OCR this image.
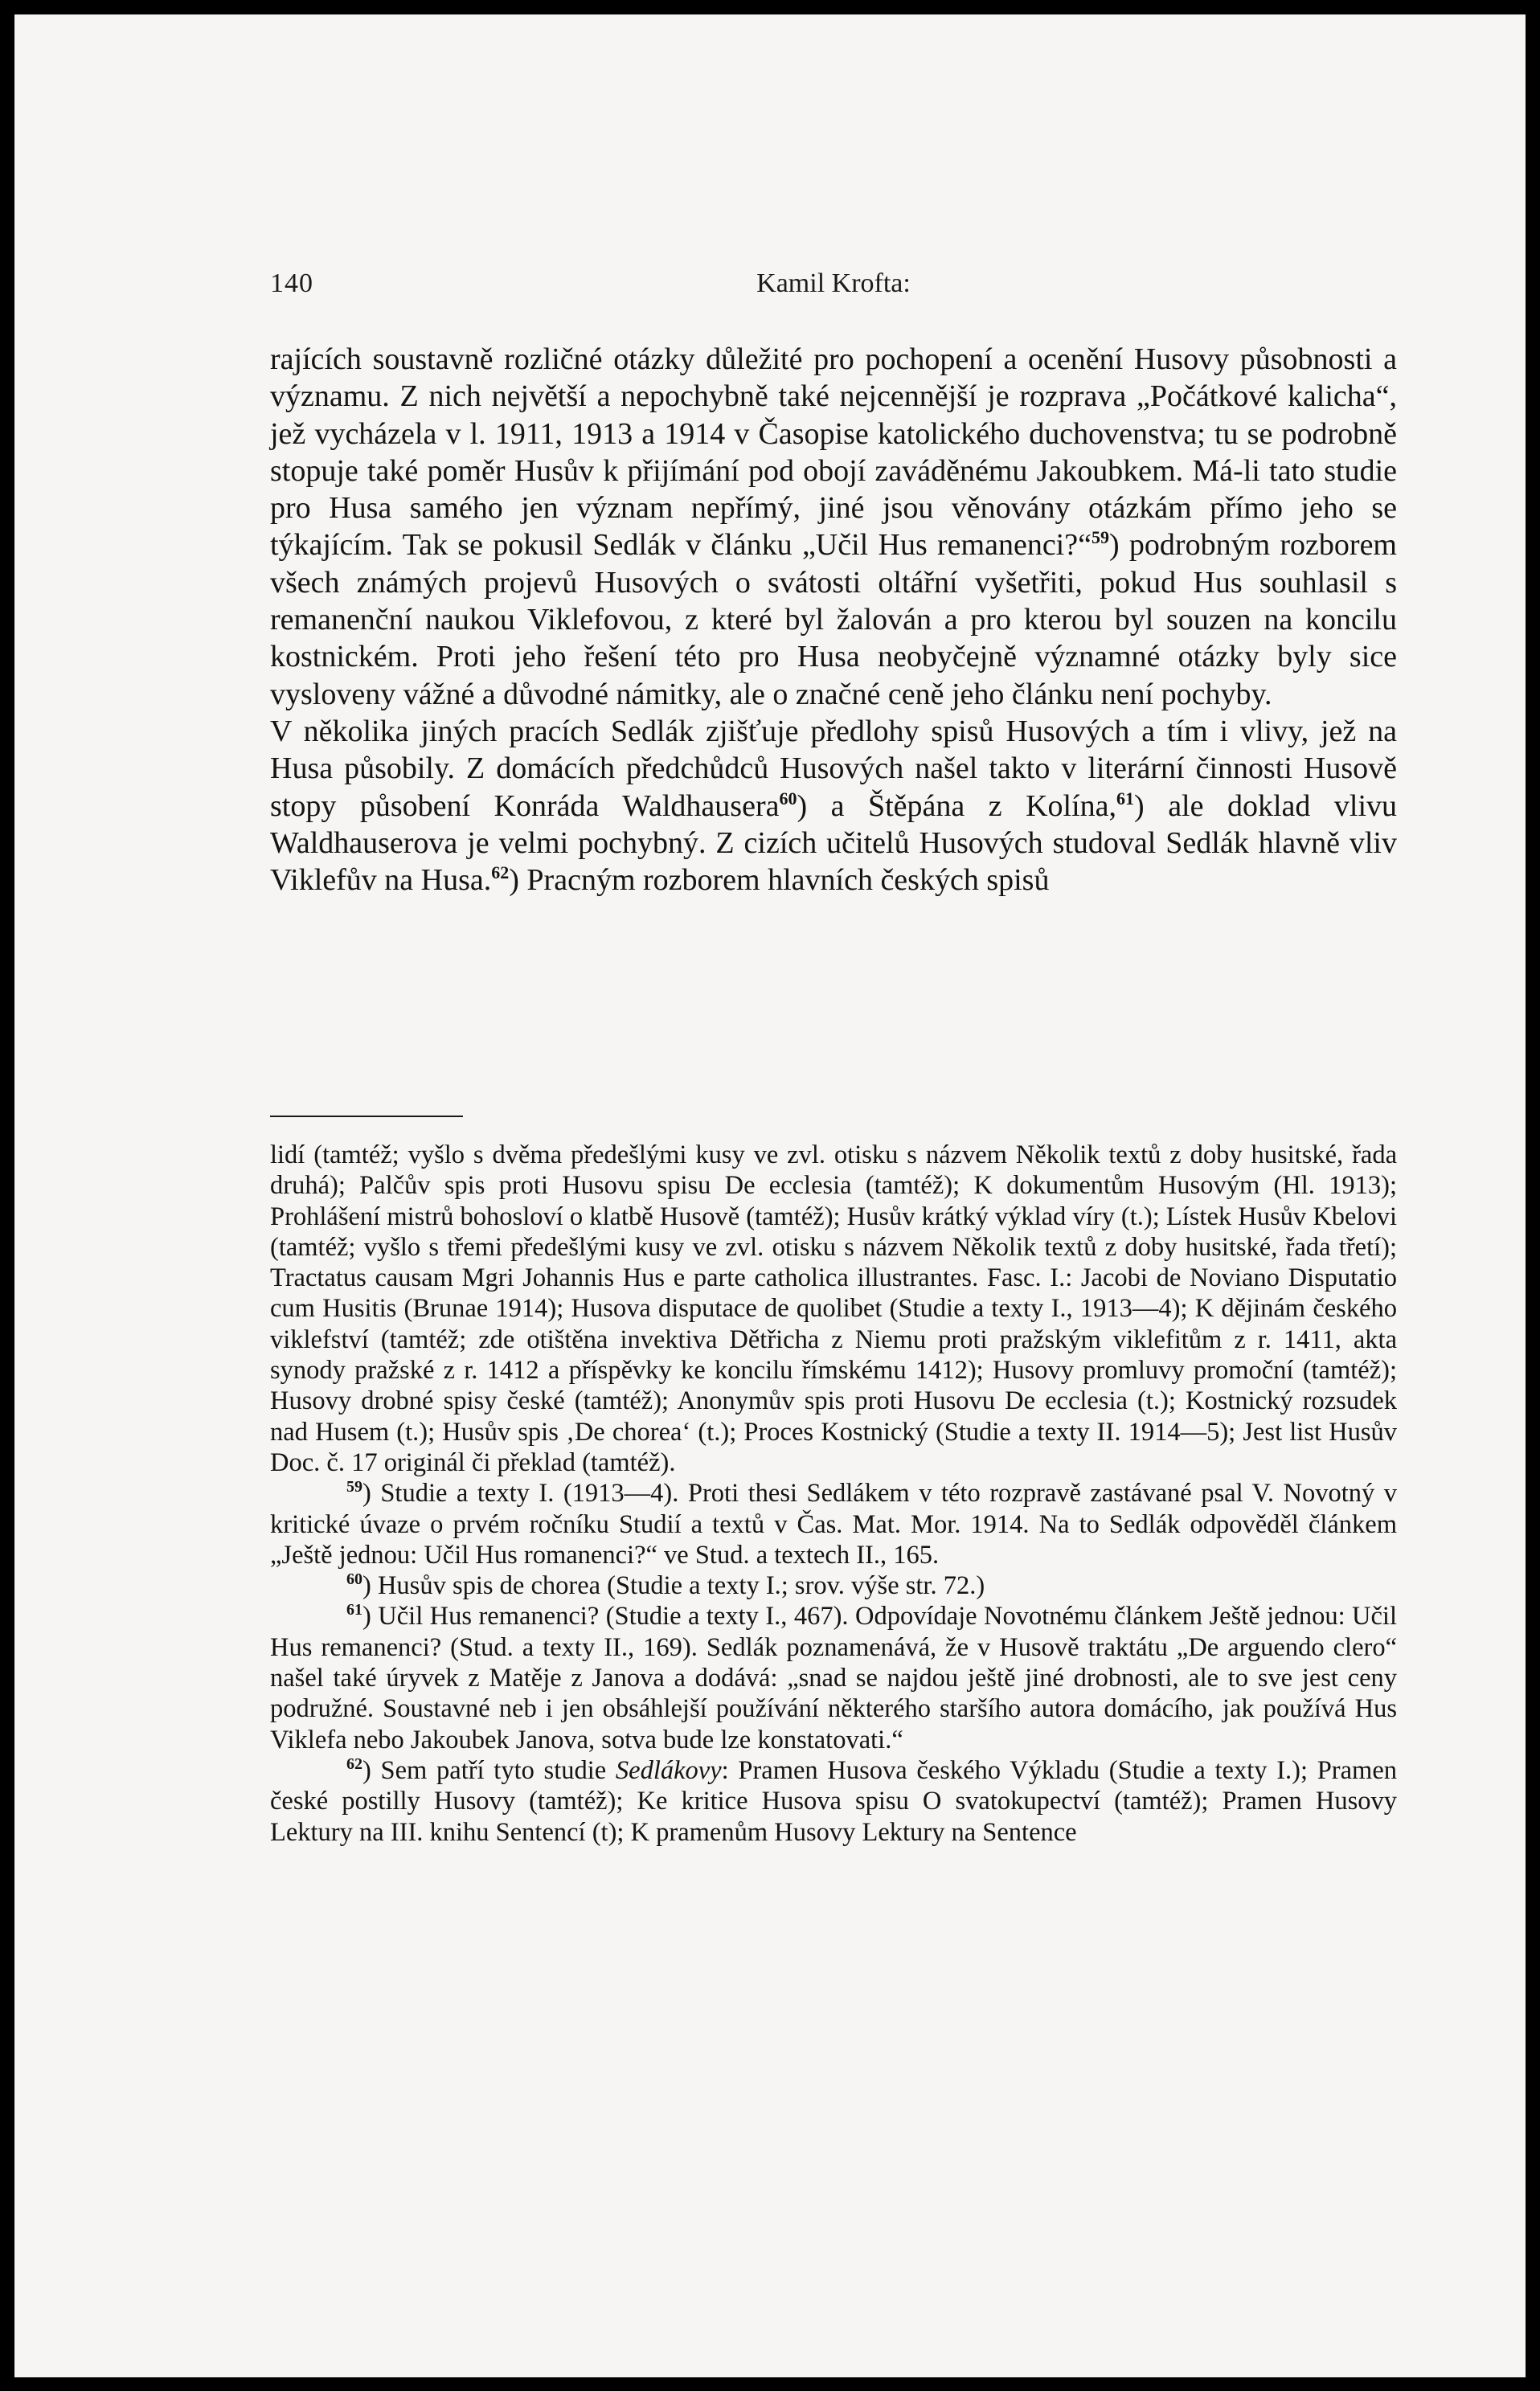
140	Kamil Krofta:

rajících soustavně rozličné otázky důležité pro pochopení a ocenění Husovy působnosti a významu. Z nich největší a nepochybně také nejcennější je rozprava „Počátkové kalicha“, jež vycházela v l. 1911, 1913 a 1914 v Časopise katolického duchovenstva; tu se podrobně stopuje také poměr Husův k přijímání pod obojí zaváděnému Jakoubkem. Má-li tato studie pro Husa samého jen význam nepřímý, jiné jsou věnovány otázkám přímo jeho se týkajícím. Tak se pokusil Sedlák v článku „Učil Hus remanenci?“$^{59}$) podrobným rozborem všech známých projevů Husových o svátosti oltářní vyšetřiti, pokud Hus souhlasil s remanenční naukou Viklefovou, z které byl žalován a pro kterou byl souzen na koncilu kostnickém. Proti jeho řešení této pro Husa neobyčejně významné otázky byly sice vysloveny vážné a důvodné námitky, ale o značné ceně jeho článku není pochyby.

V několika jiných pracích Sedlák zjišťuje předlohy spisů Husových a tím i vlivy, jež na Husa působily. Z domácích předchůdců Husových našel takto v literární činnosti Husově stopy působení Konráda Waldhausera$^{60}$) a Štěpána z Kolína,$^{61}$) ale doklad vlivu Waldhauserova je velmi pochybný. Z cizích učitelů Husových studoval Sedlák hlavně vliv Viklefův na Husa.$^{62}$) Pracným rozborem hlavních českých spisů

lidí (tamtéž; vyšlo s dvěma předešlými kusy ve zvl. otisku s názvem Několik textů z doby husitské, řada druhá); Palčův spis proti Husovu spisu De ecclesia (tamtéž); K dokumentům Husovým (Hl. 1913); Prohlášení mistrů bohosloví o klatbě Husově (tamtéž); Husův krátký výklad víry (t.); Lístek Husův Kbelovi (tamtéž; vyšlo s třemi předešlými kusy ve zvl. otisku s názvem Několik textů z doby husitské, řada třetí); Tractatus causam Mgri Johannis Hus e parte catholica illustrantes. Fasc. I.: Jacobi de Noviano Disputatio cum Husitis (Brunae 1914); Husova disputace de quolibet (Studie a texty I., 1913—4); K dějinám českého viklefství (tamtéž; zde otištěna invektiva Dětřicha z Niemu proti pražským viklefitům z r. 1411, akta synody pražské z r. 1412 a příspěvky ke koncilu římskému 1412); Husovy promluvy promoční (tamtéž); Husovy drobné spisy české (tamtéž); Anonymův spis proti Husovu De ecclesia (t.); Kostnický rozsudek nad Husem (t.); Husův spis ‚De chorea‘ (t.); Proces Kostnický (Studie a texty II. 1914—5); Jest list Husův Doc. č. 17 originál či překlad (tamtéž).

$^{59}$) Studie a texty I. (1913—4). Proti thesi Sedlákem v této rozpravě zastávané psal V. Novotný v kritické úvaze o prvém ročníku Studií a textů v Čas. Mat. Mor. 1914. Na to Sedlák odpověděl článkem „Ještě jednou: Učil Hus romanenci?“ ve Stud. a textech II., 165.

$^{60}$) Husův spis de chorea (Studie a texty I.; srov. výše str. 72.)

$^{61}$) Učil Hus remanenci? (Studie a texty I., 467). Odpovídaje Novotnému článkem Ještě jednou: Učil Hus remanenci? (Stud. a texty II., 169). Sedlák poznamenává, že v Husově traktátu „De arguendo clero“ našel také úryvek z Matěje z Janova a dodává: „snad se najdou ještě jiné drobnosti, ale to sve jest ceny podružné. Soustavné neb i jen obsáhlejší používání některého staršího autora domácího, jak používá Hus Viklefa nebo Jakoubek Janova, sotva bude lze konstatovati.“

$^{62}$) Sem patří tyto studie Sedlákovy: Pramen Husova českého Výkladu (Studie a texty I.); Pramen české postilly Husovy (tamtéž); Ke kritice Husova spisu O svatokupectví (tamtéž); Pramen Husovy Lektury na III. knihu Sentencí (t); K pramenům Husovy Lektury na Sentence
